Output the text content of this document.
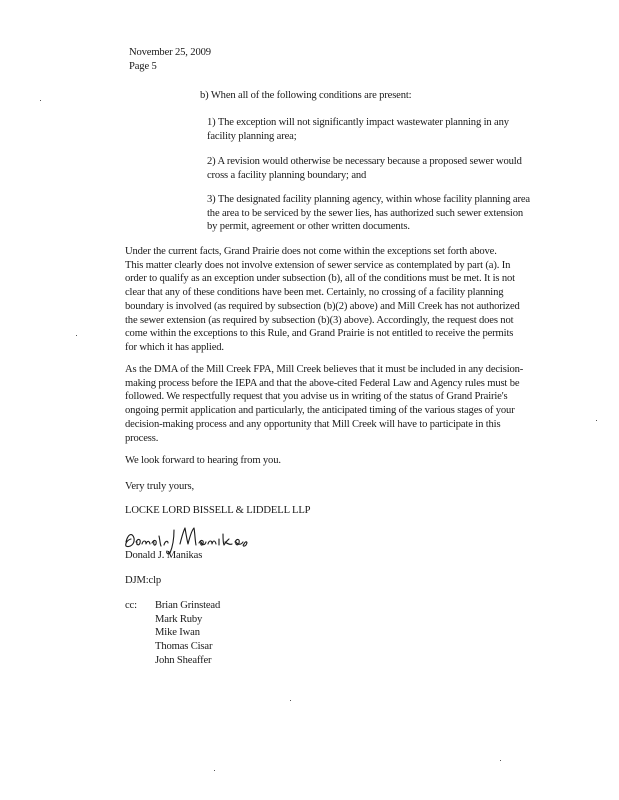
November 25, 2009

Page 5

b) When all of the following conditions are present:

1) The exception will not significantly impact wastewater planning in any
facility planning area;
2) A revision would otherwise be necessary because a proposed sewer would
cross a facility planning boundary; and
3) The designated facility planning agency, within whose facility planning area
the area to be serviced by the sewer lies, has authorized such sewer extension
by permit, agreement or other written documents.
Under the current facts, Grand Prairie does not come within the exceptions set forth above.
This matter clearly does not involve extension of sewer service as contemplated by part (a). In
order to qualify as an exception under subsection (b), all of the conditions must be met. It is not
clear that any of these conditions have been met. Certainly, no crossing of a facility planning
boundary is involved (as required by subsection (b)(2) above) and Mill Creek has not authorized
the sewer extension (as required by subsection (b)(3) above). Accordingly, the request does not
come within the exceptions to this Rule, and Grand Prairie is not entitled to receive the permits
for which it has applied.
As the DMA of the Mill Creek FPA, Mill Creek believes that it must be included in any decision-
making process before the IEPA and that the above-cited Federal Law and Agency rules must be
followed. We respectfully request that you advise us in writing of the status of Grand Prairie's
ongoing permit application and particularly, the anticipated timing of the various stages of your
decision-making process and any opportunity that Mill Creek will have to participate in this
process.

We look forward to hearing from you.

Very truly yours,

LOCKE LORD BISSELL & LIDDELL LLP

Donald J. Manikas

Donald J. Manikas

DJM:clp

cc: Brian Grinstead
Mark Ruby
Mike Iwan
Thomas Cisar
John Sheaffer
